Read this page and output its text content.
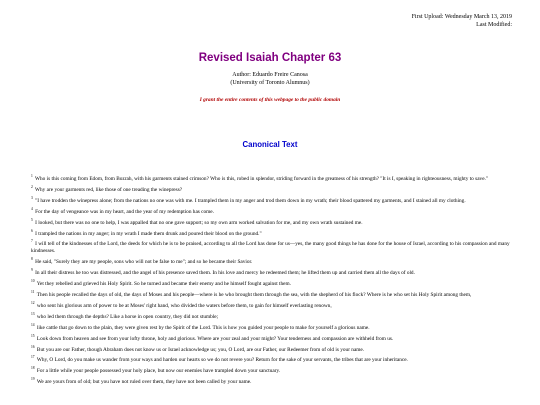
First Upload: Wednesday March 13, 2019
Last Modified:
Revised Isaiah Chapter 63
Author: Eduardo Freire Canosa
(University of Toronto Alumnus)
I grant the entire contents of this webpage to the public domain
Canonical Text
$^1$ Who is this coming from Edom, from Bozrah, with his garments stained crimson? Who is this, robed in splendor, striding forward in the greatness of his strength? "It is I, speaking in righteousness, mighty to save."
$^2$ Why are your garments red, like those of one treading the winepress?
$^3$ "I have trodden the winepress alone; from the nations no one was with me. I trampled them in my anger and trod them down in my wrath; their blood spattered my garments, and I stained all my clothing.
$^4$ For the day of vengeance was in my heart, and the year of my redemption has come.
$^5$ I looked, but there was no one to help, I was appalled that no one gave support; so my own arm worked salvation for me, and my own wrath sustained me.
$^6$ I trampled the nations in my anger; in my wrath I made them drunk and poured their blood on the ground."
$^7$ I will tell of the kindnesses of the Lord, the deeds for which he is to be praised, according to all the Lord has done for us—yes, the many good things he has done for the house of Israel, according to his compassion and many kindnesses.
$^8$ He said, "Surely they are my people, sons who will not be false to me"; and so he became their Savior.
$^9$ In all their distress he too was distressed, and the angel of his presence saved them. In his love and mercy he redeemed them; he lifted them up and carried them all the days of old.
$^{10}$ Yet they rebelled and grieved his Holy Spirit. So he turned and became their enemy and he himself fought against them.
$^{11}$ Then his people recalled the days of old, the days of Moses and his people—where is he who brought them through the sea, with the shepherd of his flock? Where is he who set his Holy Spirit among them,
$^{12}$ who sent his glorious arm of power to be at Moses' right hand, who divided the waters before them, to gain for himself everlasting renown,
$^{13}$ who led them through the depths? Like a horse in open country, they did not stumble;
$^{14}$ like cattle that go down to the plain, they were given rest by the Spirit of the Lord. This is how you guided your people to make for yourself a glorious name.
$^{15}$ Look down from heaven and see from your lofty throne, holy and glorious. Where are your zeal and your might? Your tenderness and compassion are withheld from us.
$^{16}$ But you are our Father, though Abraham does not know us or Israel acknowledge us; you, O Lord, are our Father, our Redeemer from of old is your name.
$^{17}$ Why, O Lord, do you make us wander from your ways and harden our hearts so we do not revere you? Return for the sake of your servants, the tribes that are your inheritance.
$^{18}$ For a little while your people possessed your holy place, but now our enemies have trampled down your sanctuary.
$^{19}$ We are yours from of old; but you have not ruled over them, they have not been called by your name.
